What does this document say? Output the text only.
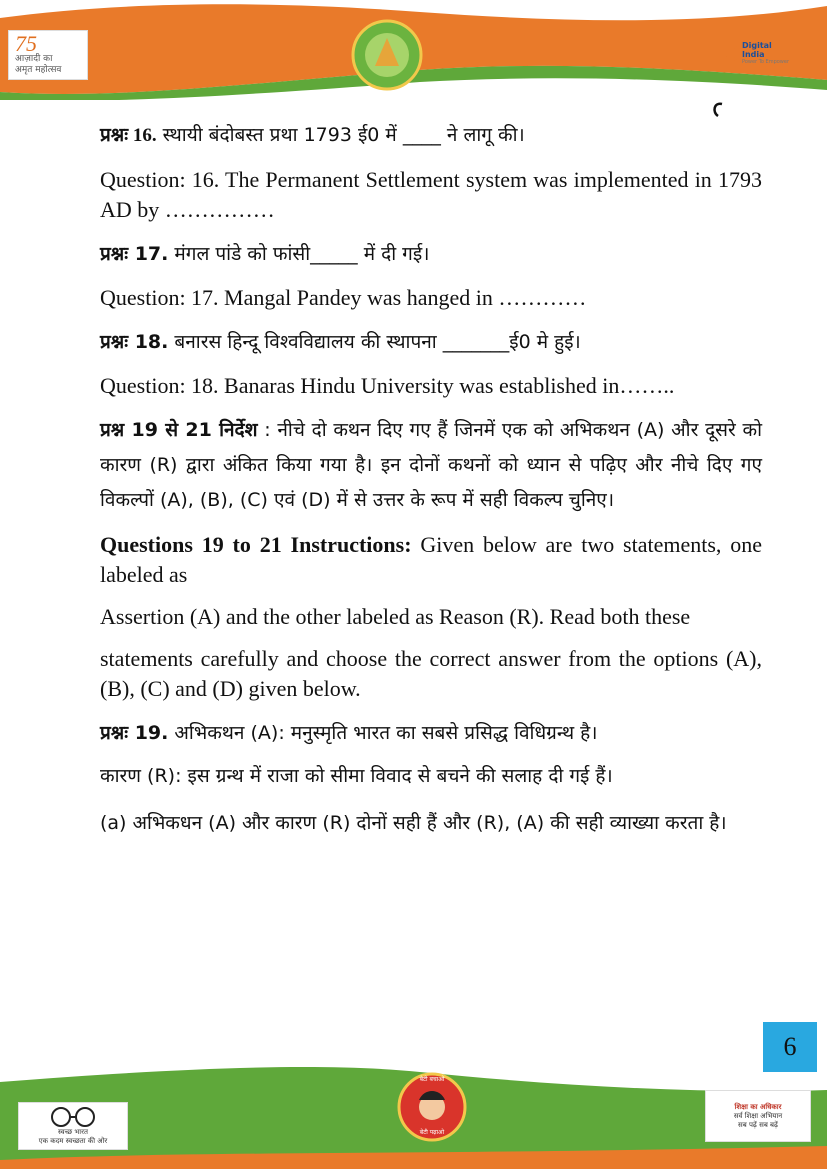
75
आज़ादी का
अमृत महोत्सव
Digital India
Power To Empower

प्रश्नः 16. स्थायी बंदोबस्त प्रथा 1793 ई0 में ____ ने लागू की।

Question: 16. The Permanent Settlement system was implemented in 1793 AD by ……………

प्रश्नः 17. मंगल पांडे को फांसी_____ में दी गई।

Question: 17. Mangal Pandey was hanged in …………

प्रश्नः 18. बनारस हिन्दू विश्वविद्यालय की स्थापना _______ई0 मे हुई।

Question: 18. Banaras Hindu University was established in……..

प्रश्न 19 से 21 निर्देश : नीचे दो कथन दिए गए हैं जिनमें एक को अभिकथन (A) और दूसरे को कारण (R) द्वारा अंकित किया गया है। इन दोनों कथनों को ध्यान से पढ़िए और नीचे दिए गए विकल्पों (A), (B), (C) एवं (D) में से उत्तर के रूप में सही विकल्प चुनिए।

Questions 19 to 21 Instructions: Given below are two statements, one labeled as

Assertion (A) and the other labeled as Reason (R). Read both these

statements carefully and choose the correct answer from the options (A), (B), (C) and (D) given below.

प्रश्नः 19. अभिकथन (A): मनुस्मृति भारत का सबसे प्रसिद्ध विधिग्रन्थ है।

कारण (R): इस ग्रन्थ में राजा को सीमा विवाद से बचने की सलाह दी गई हैं।

(a) अभिकधन (A) और कारण (R) दोनों सही हैं और (R), (A) की सही व्याख्या करता है।

6
बेटी बचाओ
बेटी पढ़ाओ
स्वच्छ भारत
एक कदम स्वच्छता की ओर
शिक्षा का अधिकार
सर्व शिक्षा अभियान
सब पढ़ें सब बढ़ें
